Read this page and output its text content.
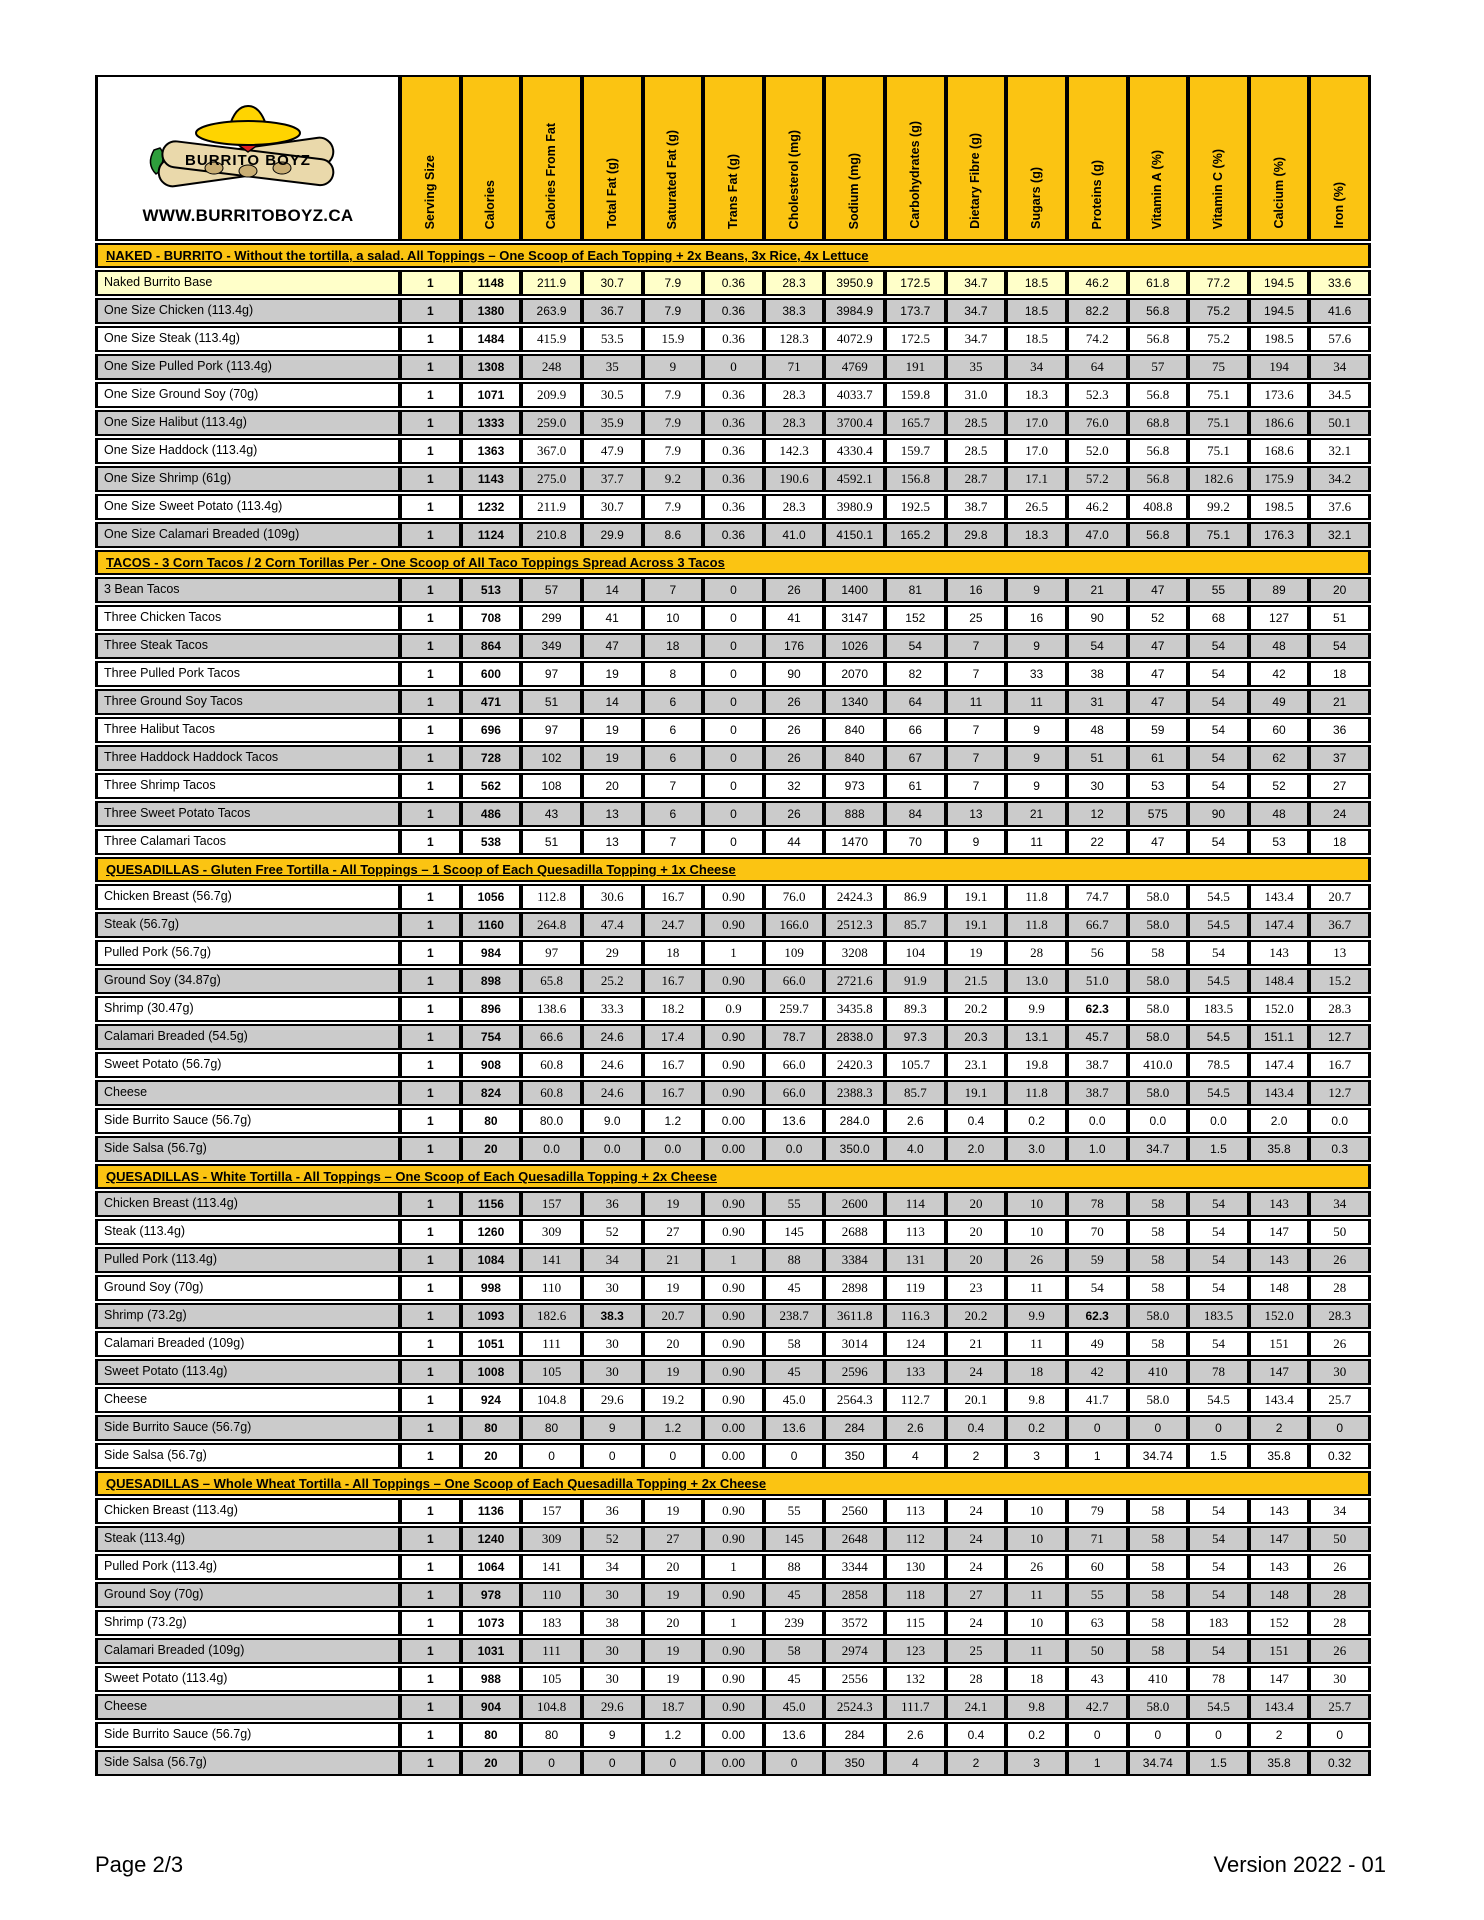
BURRITO BOYZ
WWW.BURRITOBOYZ.CA	Serving Size	Calories	Calories From Fat	Total Fat (g)	Saturated Fat (g)	Trans Fat (g)	Cholesterol (mg)	Sodium (mg)	Carbohydrates (g)	Dietary Fibre (g)	Sugars (g)	Proteins (g)	Vitamin A (%)	Vitamin C (%)	Calcium (%)	Iron (%)
NAKED - BURRITO - Without the tortilla, a salad. All Toppings – One Scoop of Each Topping + 2x Beans, 3x Rice, 4x Lettuce
Naked Burrito Base	1	1148	211.9	30.7	7.9	0.36	28.3	3950.9	172.5	34.7	18.5	46.2	61.8	77.2	194.5	33.6
One Size Chicken (113.4g)	1	1380	263.9	36.7	7.9	0.36	38.3	3984.9	173.7	34.7	18.5	82.2	56.8	75.2	194.5	41.6
One Size Steak (113.4g)	1	1484	415.9	53.5	15.9	0.36	128.3	4072.9	172.5	34.7	18.5	74.2	56.8	75.2	198.5	57.6
One Size Pulled Pork (113.4g)	1	1308	248	35	9	0	71	4769	191	35	34	64	57	75	194	34
One Size Ground Soy (70g)	1	1071	209.9	30.5	7.9	0.36	28.3	4033.7	159.8	31.0	18.3	52.3	56.8	75.1	173.6	34.5
One Size Halibut (113.4g)	1	1333	259.0	35.9	7.9	0.36	28.3	3700.4	165.7	28.5	17.0	76.0	68.8	75.1	186.6	50.1
One Size Haddock (113.4g)	1	1363	367.0	47.9	7.9	0.36	142.3	4330.4	159.7	28.5	17.0	52.0	56.8	75.1	168.6	32.1
One Size Shrimp (61g)	1	1143	275.0	37.7	9.2	0.36	190.6	4592.1	156.8	28.7	17.1	57.2	56.8	182.6	175.9	34.2
One Size Sweet Potato (113.4g)	1	1232	211.9	30.7	7.9	0.36	28.3	3980.9	192.5	38.7	26.5	46.2	408.8	99.2	198.5	37.6
One Size Calamari Breaded (109g)	1	1124	210.8	29.9	8.6	0.36	41.0	4150.1	165.2	29.8	18.3	47.0	56.8	75.1	176.3	32.1
TACOS - 3 Corn Tacos / 2 Corn Torillas Per - One Scoop of All Taco Toppings Spread Across 3 Tacos
3 Bean Tacos	1	513	57	14	7	0	26	1400	81	16	9	21	47	55	89	20
Three Chicken Tacos	1	708	299	41	10	0	41	3147	152	25	16	90	52	68	127	51
Three Steak Tacos	1	864	349	47	18	0	176	1026	54	7	9	54	47	54	48	54
Three Pulled Pork Tacos	1	600	97	19	8	0	90	2070	82	7	33	38	47	54	42	18
Three Ground Soy Tacos	1	471	51	14	6	0	26	1340	64	11	11	31	47	54	49	21
Three Halibut Tacos	1	696	97	19	6	0	26	840	66	7	9	48	59	54	60	36
Three Haddock Haddock Tacos	1	728	102	19	6	0	26	840	67	7	9	51	61	54	62	37
Three Shrimp Tacos	1	562	108	20	7	0	32	973	61	7	9	30	53	54	52	27
Three Sweet Potato Tacos	1	486	43	13	6	0	26	888	84	13	21	12	575	90	48	24
Three Calamari Tacos	1	538	51	13	7	0	44	1470	70	9	11	22	47	54	53	18
QUESADILLAS - Gluten Free Tortilla - All Toppings – 1 Scoop of Each Quesadilla Topping + 1x Cheese
Chicken Breast (56.7g)	1	1056	112.8	30.6	16.7	0.90	76.0	2424.3	86.9	19.1	11.8	74.7	58.0	54.5	143.4	20.7
Steak (56.7g)	1	1160	264.8	47.4	24.7	0.90	166.0	2512.3	85.7	19.1	11.8	66.7	58.0	54.5	147.4	36.7
Pulled Pork (56.7g)	1	984	97	29	18	1	109	3208	104	19	28	56	58	54	143	13
Ground Soy (34.87g)	1	898	65.8	25.2	16.7	0.90	66.0	2721.6	91.9	21.5	13.0	51.0	58.0	54.5	148.4	15.2
Shrimp (30.47g)	1	896	138.6	33.3	18.2	0.9	259.7	3435.8	89.3	20.2	9.9	62.3	58.0	183.5	152.0	28.3
Calamari Breaded (54.5g)	1	754	66.6	24.6	17.4	0.90	78.7	2838.0	97.3	20.3	13.1	45.7	58.0	54.5	151.1	12.7
Sweet Potato (56.7g)	1	908	60.8	24.6	16.7	0.90	66.0	2420.3	105.7	23.1	19.8	38.7	410.0	78.5	147.4	16.7
Cheese	1	824	60.8	24.6	16.7	0.90	66.0	2388.3	85.7	19.1	11.8	38.7	58.0	54.5	143.4	12.7
Side Burrito Sauce (56.7g)	1	80	80.0	9.0	1.2	0.00	13.6	284.0	2.6	0.4	0.2	0.0	0.0	0.0	2.0	0.0
Side Salsa (56.7g)	1	20	0.0	0.0	0.0	0.00	0.0	350.0	4.0	2.0	3.0	1.0	34.7	1.5	35.8	0.3
QUESADILLAS - White Tortilla - All Toppings – One Scoop of Each Quesadilla Topping + 2x Cheese
Chicken Breast (113.4g)	1	1156	157	36	19	0.90	55	2600	114	20	10	78	58	54	143	34
Steak (113.4g)	1	1260	309	52	27	0.90	145	2688	113	20	10	70	58	54	147	50
Pulled Pork (113.4g)	1	1084	141	34	21	1	88	3384	131	20	26	59	58	54	143	26
Ground Soy (70g)	1	998	110	30	19	0.90	45	2898	119	23	11	54	58	54	148	28
Shrimp (73.2g)	1	1093	182.6	38.3	20.7	0.90	238.7	3611.8	116.3	20.2	9.9	62.3	58.0	183.5	152.0	28.3
Calamari Breaded (109g)	1	1051	111	30	20	0.90	58	3014	124	21	11	49	58	54	151	26
Sweet Potato (113.4g)	1	1008	105	30	19	0.90	45	2596	133	24	18	42	410	78	147	30
Cheese	1	924	104.8	29.6	19.2	0.90	45.0	2564.3	112.7	20.1	9.8	41.7	58.0	54.5	143.4	25.7
Side Burrito Sauce (56.7g)	1	80	80	9	1.2	0.00	13.6	284	2.6	0.4	0.2	0	0	0	2	0
Side Salsa (56.7g)	1	20	0	0	0	0.00	0	350	4	2	3	1	34.74	1.5	35.8	0.32
QUESADILLAS – Whole Wheat Tortilla - All Toppings – One Scoop of Each Quesadilla Topping + 2x Cheese
Chicken Breast (113.4g)	1	1136	157	36	19	0.90	55	2560	113	24	10	79	58	54	143	34
Steak (113.4g)	1	1240	309	52	27	0.90	145	2648	112	24	10	71	58	54	147	50
Pulled Pork (113.4g)	1	1064	141	34	20	1	88	3344	130	24	26	60	58	54	143	26
Ground Soy (70g)	1	978	110	30	19	0.90	45	2858	118	27	11	55	58	54	148	28
Shrimp (73.2g)	1	1073	183	38	20	1	239	3572	115	24	10	63	58	183	152	28
Calamari Breaded (109g)	1	1031	111	30	19	0.90	58	2974	123	25	11	50	58	54	151	26
Sweet Potato (113.4g)	1	988	105	30	19	0.90	45	2556	132	28	18	43	410	78	147	30
Cheese	1	904	104.8	29.6	18.7	0.90	45.0	2524.3	111.7	24.1	9.8	42.7	58.0	54.5	143.4	25.7
Side Burrito Sauce (56.7g)	1	80	80	9	1.2	0.00	13.6	284	2.6	0.4	0.2	0	0	0	2	0
Side Salsa (56.7g)	1	20	0	0	0	0.00	0	350	4	2	3	1	34.74	1.5	35.8	0.32
Page 2/3	Version 2022 - 01
